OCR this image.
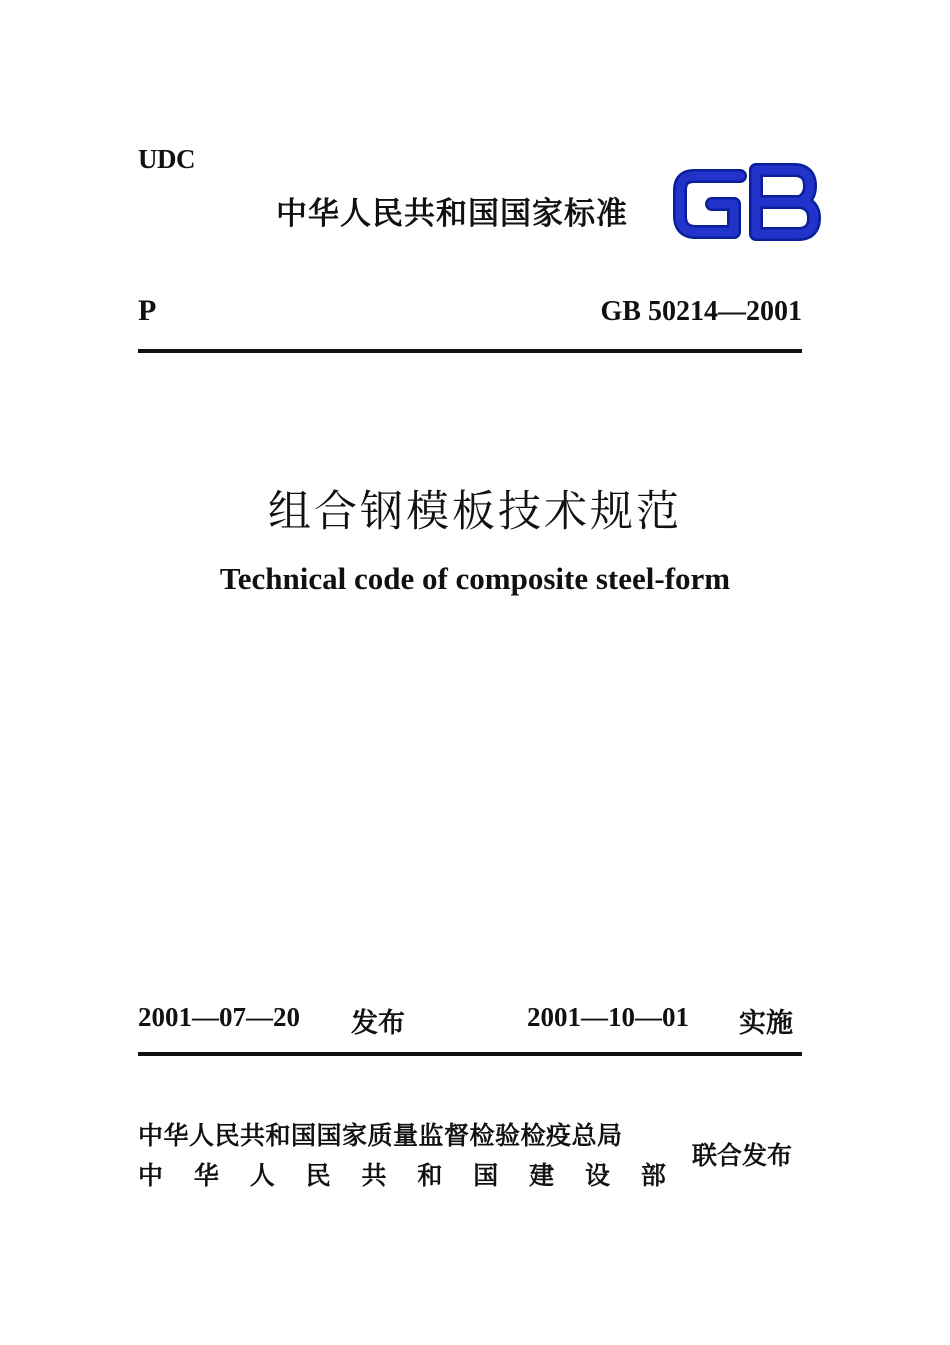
UDC
中华人民共和国国家标准
P	GB 50214—2001
组合钢模板技术规范
Technical code of composite steel-form
2001—07—20 发布	2001—10—01 实施
中华人民共和国国家质量监督检验检疫总局
中 华 人 民 共 和 国 建 设 部
联合发布
